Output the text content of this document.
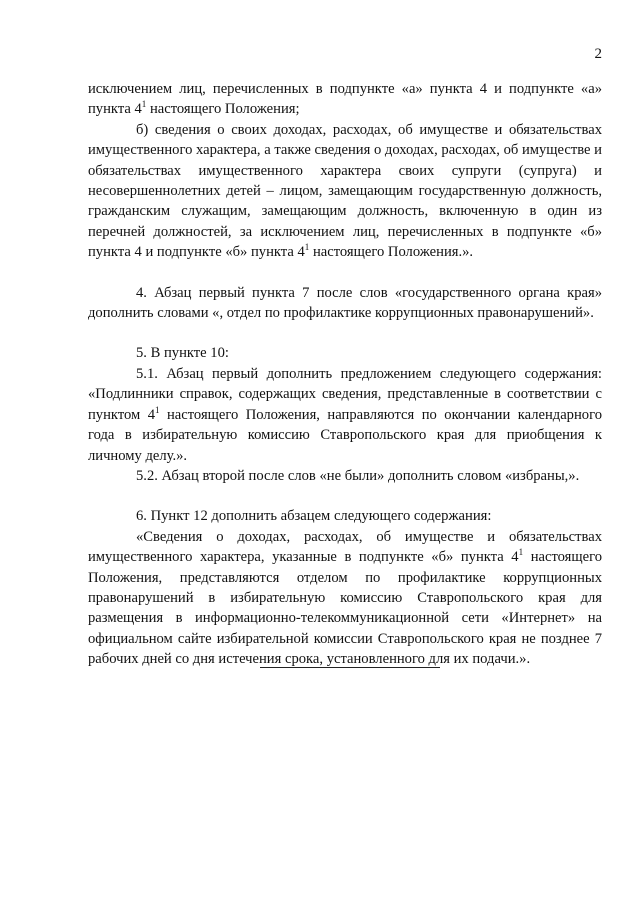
2

исключением лиц, перечисленных в подпункте «а» пункта 4 и подпункте «а» пункта $4^1$ настоящего Положения;

б) сведения о своих доходах, расходах, об имуществе и обязательствах имущественного характера, а также сведения о доходах, расходах, об имуществе и обязательствах имущественного характера своих супруги (супруга) и несовершеннолетних детей – лицом, замещающим государственную должность, гражданским служащим, замещающим должность, включенную в один из перечней должностей, за исключением лиц, перечисленных в подпункте «б» пункта 4 и подпункте «б» пункта $4^1$ настоящего Положения.».

4. Абзац первый пункта 7 после слов «государственного органа края» дополнить словами «, отдел по профилактике коррупционных правонарушений».

5. В пункте 10:

5.1. Абзац первый дополнить предложением следующего содержания: «Подлинники справок, содержащих сведения, представленные в соответствии с пунктом $4^1$ настоящего Положения, направляются по окончании календарного года в избирательную комиссию Ставропольского края для приобщения к личному делу.».

5.2. Абзац второй после слов «не были» дополнить словом «избраны,».

6. Пункт 12 дополнить абзацем следующего содержания:

«Сведения о доходах, расходах, об имуществе и обязательствах имущественного характера, указанные в подпункте «б» пункта $4^1$ настоящего Положения, представляются отделом по профилактике коррупционных правонарушений в избирательную комиссию Ставропольского края для размещения в информационно-телекоммуникационной сети «Интернет» на официальном сайте избирательной комиссии Ставропольского края не позднее 7 рабочих дней со дня истечения срока, установленного для их подачи.».
